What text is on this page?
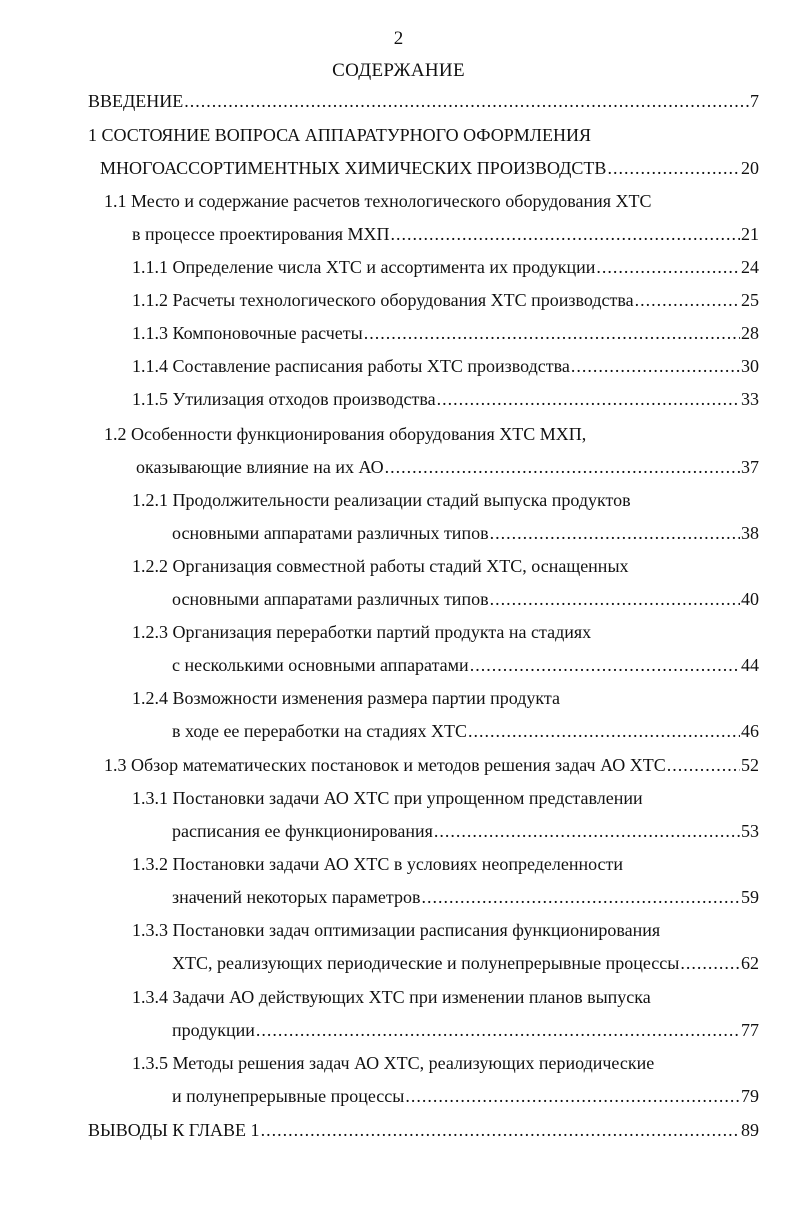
2
СОДЕРЖАНИЕ
ВВЕДЕНИЕ .....	7
1 СОСТОЯНИЕ ВОПРОСА АППАРАТУРНОГО ОФОРМЛЕНИЯ
МНОГОАССОРТИМЕНТНЫХ ХИМИЧЕСКИХ ПРОИЗВОДСТВ .....	20
1.1 Место и содержание расчетов технологического оборудования ХТС
в процессе проектирования МХП .....	21
1.1.1 Определение числа ХТС и ассортимента их продукции .....	24
1.1.2 Расчеты технологического оборудования ХТС производства .....	25
1.1.3 Компоновочные расчеты .....	28
1.1.4 Составление расписания работы ХТС производства .....	30
1.1.5 Утилизация отходов производства .....	33
1.2 Особенности функционирования оборудования ХТС МХП,
оказывающие влияние на их АО .....	37
1.2.1 Продолжительности реализации стадий выпуска продуктов
основными аппаратами различных типов .....	38
1.2.2 Организация совместной работы стадий ХТС, оснащенных
основными аппаратами различных типов .....	40
1.2.3 Организация переработки партий продукта на стадиях
с несколькими основными аппаратами .....	44
1.2.4 Возможности изменения размера партии продукта
в ходе ее переработки на стадиях ХТС .....	46
1.3 Обзор математических постановок и методов решения задач АО ХТС .....	52
1.3.1 Постановки задачи АО ХТС при упрощенном представлении
расписания ее функционирования .....	53
1.3.2 Постановки задачи АО ХТС в условиях неопределенности
значений некоторых параметров .....	59
1.3.3 Постановки задач оптимизации расписания функционирования
ХТС, реализующих периодические и полунепрерывные процессы .....	62
1.3.4 Задачи АО действующих ХТС при изменении планов выпуска
продукции .....	77
1.3.5 Методы решения задач АО ХТС, реализующих периодические
и полунепрерывные процессы .....	79
ВЫВОДЫ К ГЛАВЕ 1 .....	89
